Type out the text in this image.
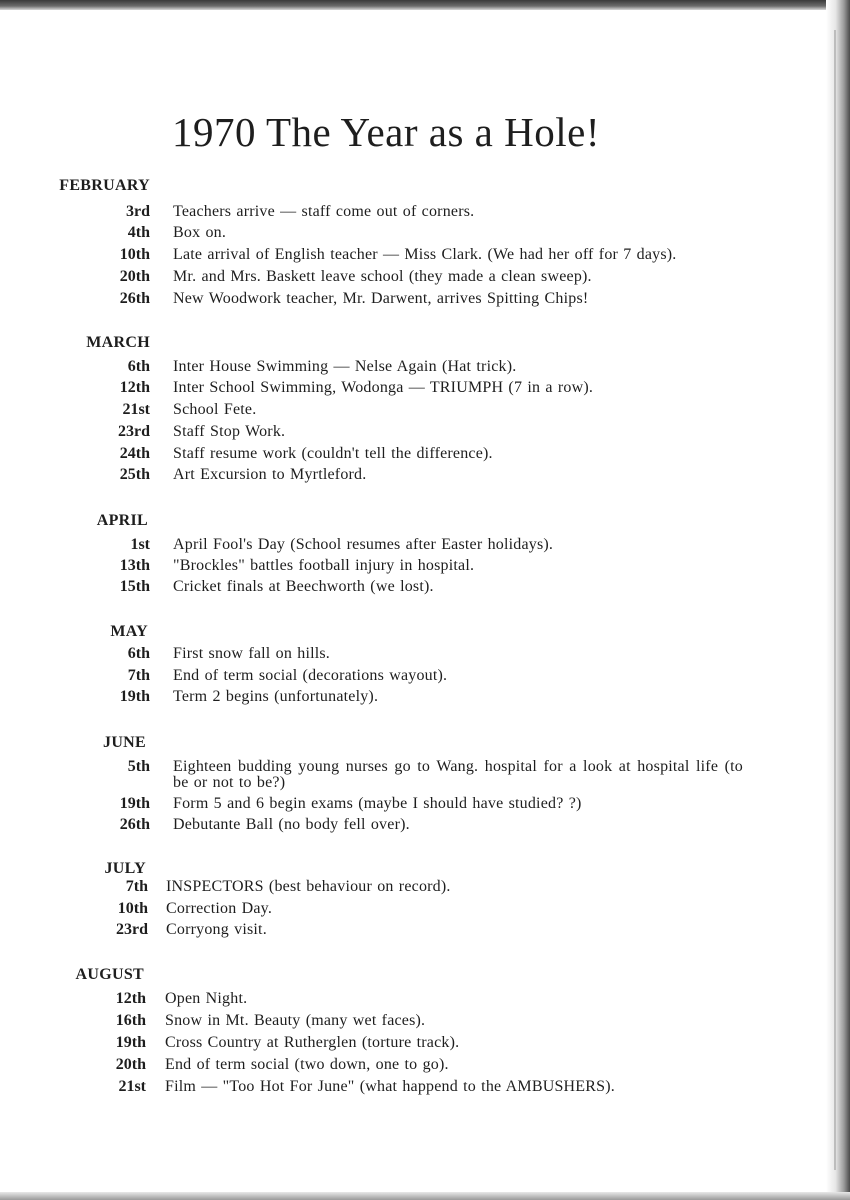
1970 The Year as a Hole!
FEBRUARY
3rd Teachers arrive — staff come out of corners.
4th Box on.
10th Late arrival of English teacher — Miss Clark. (We had her off for 7 days).
20th Mr. and Mrs. Baskett leave school (they made a clean sweep).
26th New Woodwork teacher, Mr. Darwent, arrives Spitting Chips!
MARCH
6th Inter House Swimming — Nelse Again (Hat trick).
12th Inter School Swimming, Wodonga — TRIUMPH (7 in a row).
21st School Fete.
23rd Staff Stop Work.
24th Staff resume work (couldn't tell the difference).
25th Art Excursion to Myrtleford.
APRIL
1st April Fool's Day (School resumes after Easter holidays).
13th "Brockles" battles football injury in hospital.
15th Cricket finals at Beechworth (we lost).
MAY
6th First snow fall on hills.
7th End of term social (decorations wayout).
19th Term 2 begins (unfortunately).
JUNE
5th Eighteen budding young nurses go to Wang. hospital for a look at hospital life (to be or not to be?)
19th Form 5 and 6 begin exams (maybe I should have studied? ?)
26th Debutante Ball (no body fell over).
JULY
7th INSPECTORS (best behaviour on record).
10th Correction Day.
23rd Corryong visit.
AUGUST
12th Open Night.
16th Snow in Mt. Beauty (many wet faces).
19th Cross Country at Rutherglen (torture track).
20th End of term social (two down, one to go).
21st Film — "Too Hot For June" (what happend to the AMBUSHERS).
